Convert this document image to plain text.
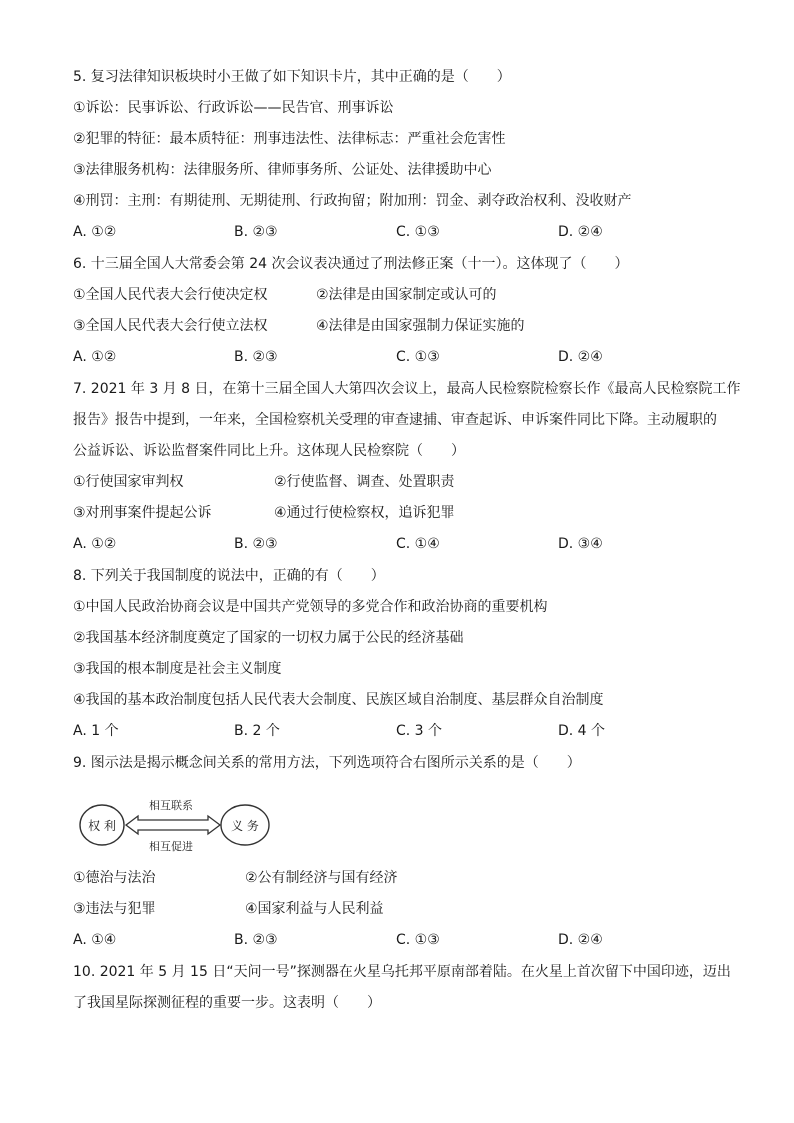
5. 复习法律知识板块时小王做了如下知识卡片，其中正确的是（　　）
①诉讼：民事诉讼、行政诉讼——民告官、刑事诉讼
②犯罪的特征：最本质特征：刑事违法性、法律标志：严重社会危害性
③法律服务机构：法律服务所、律师事务所、公证处、法律援助中心
④刑罚：主刑：有期徒刑、无期徒刑、行政拘留；附加刑：罚金、剥夺政治权利、没收财产
A. ①②	B. ②③	C. ①③	D. ②④
6. 十三届全国人大常委会第 24 次会议表决通过了刑法修正案（十一）。这体现了（　　）
①全国人民代表大会行使决定权	②法律是由国家制定或认可的
③全国人民代表大会行使立法权	④法律是由国家强制力保证实施的
A. ①②	B. ②③	C. ①③	D. ②④
7. 2021 年 3 月 8 日，在第十三届全国人大第四次会议上，最高人民检察院检察长作《最高人民检察院工作
报告》报告中提到，一年来，全国检察机关受理的审查逮捕、审查起诉、申诉案件同比下降。主动履职的
公益诉讼、诉讼监督案件同比上升。这体现人民检察院（　　）
①行使国家审判权	②行使监督、调查、处置职责
③对刑事案件提起公诉	④通过行使检察权，追诉犯罪
A. ①②	B. ②③	C. ①④	D. ③④
8. 下列关于我国制度的说法中，正确的有（　　）
①中国人民政治协商会议是中国共产党领导的多党合作和政治协商的重要机构
②我国基本经济制度奠定了国家的一切权力属于公民的经济基础
③我国的根本制度是社会主义制度
④我国的基本政治制度包括人民代表大会制度、民族区域自治制度、基层群众自治制度
A. 1 个	B. 2 个	C. 3 个	D. 4 个
9. 图示法是揭示概念间关系的常用方法，下列选项符合右图所示关系的是（　　）
权 利	义 务
相互联系
相互促进
①德治与法治	②公有制经济与国有经济
③违法与犯罪	④国家利益与人民利益
A. ①④	B. ②③	C. ①③	D. ②④
10. 2021 年 5 月 15 日“天问一号”探测器在火星乌托邦平原南部着陆。在火星上首次留下中国印迹，迈出
了我国星际探测征程的重要一步。这表明（　　）
